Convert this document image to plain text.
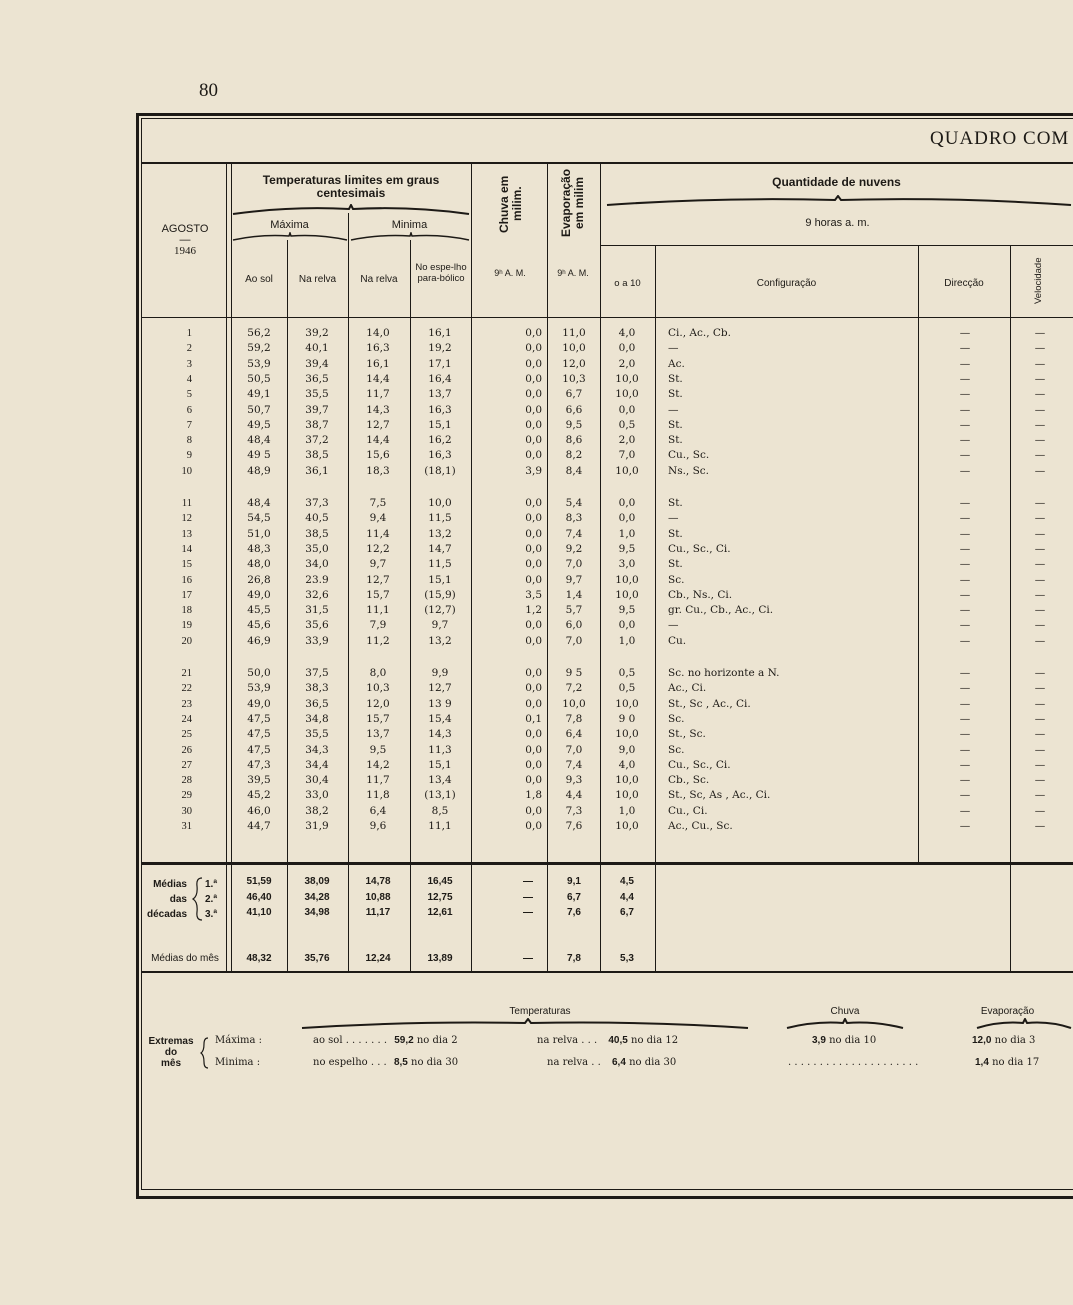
80
QUADRO COM
AGOSTO
—
1946
Temperaturas limites em graus centesimais
Máxima	Minima
Ao sol	Na relva	Na relva
No espe-lho para-bólico
Chuva em milim.	Evaporação em milim
9ʰ A. M.	9ʰ A. M.
Quantidade de nuvens
9 horas a. m.
o a 10	Configuração	Direcção	Velocidade
1	56,2	39,2	14,0	16,1	0,0	11,0	4,0	Ci., Ac., Cb.	—	—
2	59,2	40,1	16,3	19,2	0,0	10,0	0,0	—	—	—
3	53,9	39,4	16,1	17,1	0,0	12,0	2,0	Ac.	—	—
4	50,5	36,5	14,4	16,4	0,0	10,3	10,0	St.	—	—
5	49,1	35,5	11,7	13,7	0,0	6,7	10,0	St.	—	—
6	50,7	39,7	14,3	16,3	0,0	6,6	0,0	—	—	—
7	49,5	38,7	12,7	15,1	0,0	9,5	0,5	St.	—	—
8	48,4	37,2	14,4	16,2	0,0	8,6	2,0	St.	—	—
9	49 5	38,5	15,6	16,3	0,0	8,2	7,0	Cu., Sc.	—	—
10	48,9	36,1	18,3	(18,1)	3,9	8,4	10,0	Ns., Sc.	—	—
11	48,4	37,3	7,5	10,0	0,0	5,4	0,0	St.	—	—
12	54,5	40,5	9,4	11,5	0,0	8,3	0,0	—	—	—
13	51,0	38,5	11,4	13,2	0,0	7,4	1,0	St.	—	—
14	48,3	35,0	12,2	14,7	0,0	9,2	9,5	Cu., Sc., Ci.	—	—
15	48,0	34,0	9,7	11,5	0,0	7,0	3,0	St.	—	—
16	26,8	23.9	12,7	15,1	0,0	9,7	10,0	Sc.	—	—
17	49,0	32,6	15,7	(15,9)	3,5	1,4	10,0	Cb., Ns., Ci.	—	—
18	45,5	31,5	11,1	(12,7)	1,2	5,7	9,5	gr. Cu., Cb., Ac., Ci.	—	—
19	45,6	35,6	7,9	9,7	0,0	6,0	0,0	—	—	—
20	46,9	33,9	11,2	13,2	0,0	7,0	1,0	Cu.	—	—
21	50,0	37,5	8,0	9,9	0,0	9 5	0,5	Sc. no horizonte a N.	—	—
22	53,9	38,3	10,3	12,7	0,0	7,2	0,5	Ac., Ci.	—	—
23	49,0	36,5	12,0	13 9	0,0	10,0	10,0	St., Sc , Ac., Ci.	—	—
24	47,5	34,8	15,7	15,4	0,1	7,8	9 0	Sc.	—	—
25	47,5	35,5	13,7	14,3	0,0	6,4	10,0	St., Sc.	—	—
26	47,5	34,3	9,5	11,3	0,0	7,0	9,0	Sc.	—	—
27	47,3	34,4	14,2	15,1	0,0	7,4	4,0	Cu., Sc., Ci.	—	—
28	39,5	30,4	11,7	13,4	0,0	9,3	10,0	Cb., Sc.	—	—
29	45,2	33,0	11,8	(13,1)	1,8	4,4	10,0	St., Sc, As , Ac., Ci.	—	—
30	46,0	38,2	6,4	8,5	0,0	7,3	1,0	Cu., Ci.	—	—
31	44,7	31,9	9,6	11,1	0,0	7,6	10,0	Ac., Cu., Sc.	—	—
Médias
das
décadas
1.ª
2.ª
3.ª
51,59	38,09	14,78	16,45	—	9,1	4,5
46,40	34,28	10,88	12,75	—	6,7	4,4
41,10	34,98	11,17	12,61	—	7,6	6,7
Médias do mês	48,32	35,76	12,24	13,89	—	7,8	5,3
Temperaturas	Chuva	Evaporação
Extremas
do
mês
Máxima :
Minima :
ao sol . . . . . . . 59,2 no dia 2	na relva . . . 40,5 no dia 12	3,9 no dia 10	12,0 no dia 3
no espelho . . . 8,5 no dia 30	na relva . . 6,4 no dia 30	. . . . . . . . . . . . . . . . . . . . .	1,4 no dia 17
